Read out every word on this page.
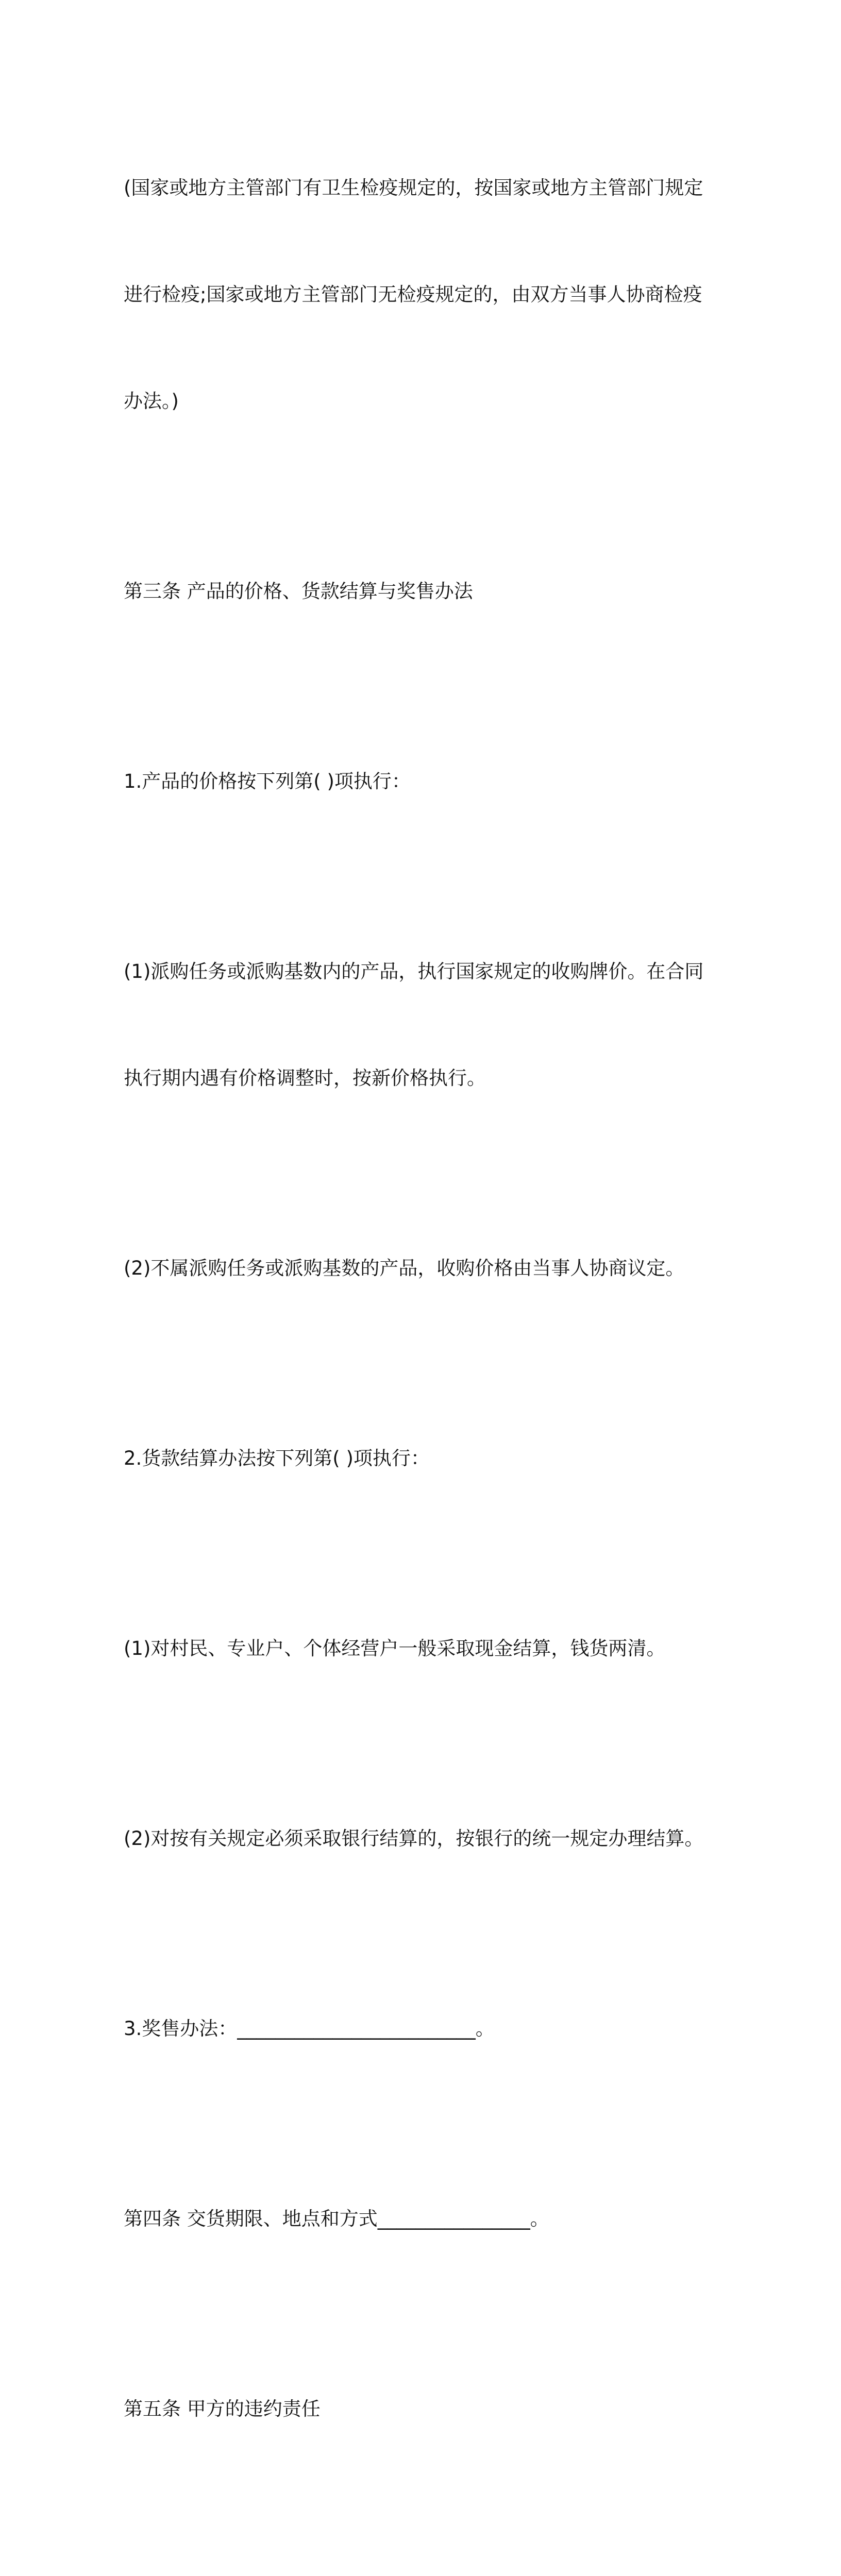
(国家或地方主管部门有卫生检疫规定的，按国家或地方主管部门规定

进行检疫;国家或地方主管部门无检疫规定的，由双方当事人协商检疫

办法。)

第三条 产品的价格、货款结算与奖售办法

1.产品的价格按下列第( )项执行：

(1)派购任务或派购基数内的产品，执行国家规定的收购牌价。在合同

执行期内遇有价格调整时，按新价格执行。

(2)不属派购任务或派购基数的产品，收购价格由当事人协商议定。

2.货款结算办法按下列第( )项执行：

(1)对村民、专业户、个体经营户一般采取现金结算，钱货两清。

(2)对按有关规定必须采取银行结算的，按银行的统一规定办理结算。

3.奖售办法：_________________________。

第四条 交货期限、地点和方式________________。

第五条 甲方的违约责任
